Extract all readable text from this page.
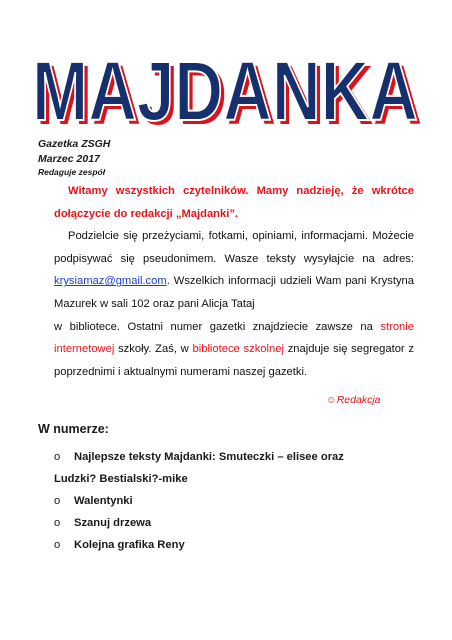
MAJDANKA
MAJDANKA
Gazetka ZSGH
Marzec 2017
Redaguje zespół

Witamy wszystkich czytelników. Mamy nadzieję, że wkrótce dołączycie do redakcji „Majdanki”.

Podzielcie się przeżyciami, fotkami, opiniami, informacjami. Możecie podpisywać się pseudonimem. Wasze teksty wysyłajcie na adres: krysiamaz@gmail.com. Wszelkich informacji udzieli Wam pani Krystyna Mazurek w sali 102 oraz pani Alicja Tataj

w bibliotece. Ostatni numer gazetki znajdziecie zawsze na stronie internetowej szkoły. Zaś, w bibliotece szkolnej znajduje się segregator z poprzednimi i aktualnymi numerami naszej gazetki.

☺Redakcja
W numerze:
o	Najlepsze teksty Majdanki: Smuteczki – elisee oraz
Ludzki? Bestialski?-mike
o	Walentynki
o	Szanuj drzewa
o	Kolejna grafika Reny
